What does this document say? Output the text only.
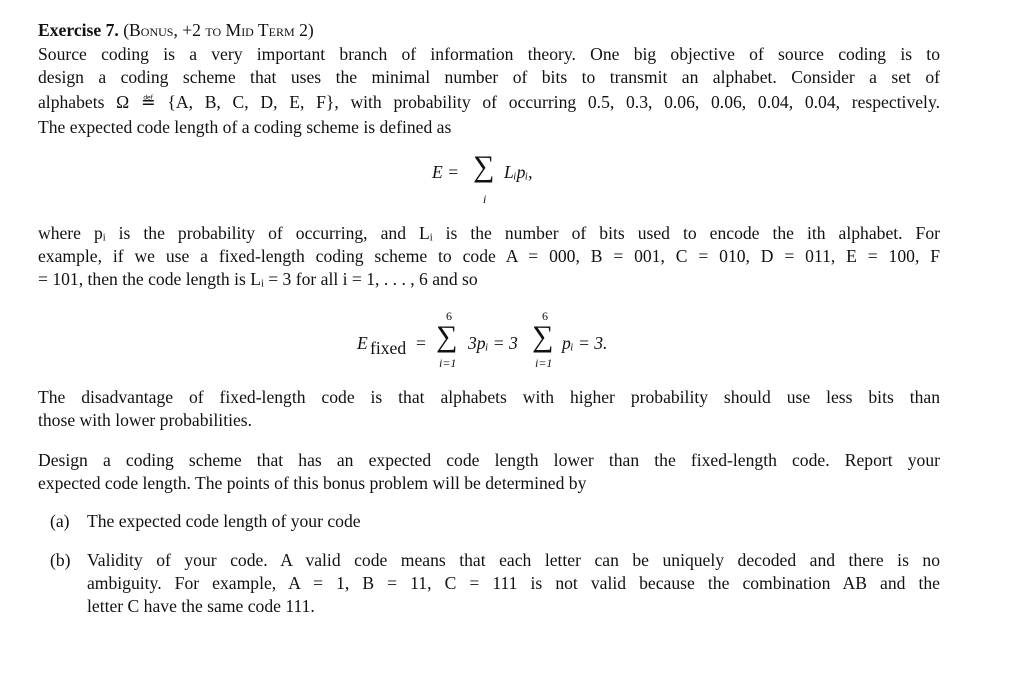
Exercise 7. (Bonus, +2 to Mid Term 2)
Source coding is a very important branch of information theory. One big objective of source coding is to
design a coding scheme that uses the minimal number of bits to transmit an alphabet. Consider a set of
alphabets Ω ≝ {A, B, C, D, E, F}, with probability of occurring 0.5, 0.3, 0.06, 0.06, 0.04, 0.04, respectively.
The expected code length of a coding scheme is defined as
E = ∑
i
Lᵢpᵢ,
where pᵢ is the probability of occurring, and Lᵢ is the number of bits used to encode the ith alphabet. For
example, if we use a fixed-length coding scheme to code A = 000, B = 001, C = 010, D = 011, E = 100, F
= 101, then the code length is Lᵢ = 3 for all i = 1, . . . , 6 and so
E fixed =
6
∑
i=1
3pᵢ = 3
6
∑
i=1
pᵢ = 3.
The disadvantage of fixed-length code is that alphabets with higher probability should use less bits than
those with lower probabilities.
Design a coding scheme that has an expected code length lower than the fixed-length code. Report your
expected code length. The points of this bonus problem will be determined by
(a) The expected code length of your code
(b) Validity of your code. A valid code means that each letter can be uniquely decoded and there is no
ambiguity. For example, A = 1, B = 11, C = 111 is not valid because the combination AB and the
letter C have the same code 111.
